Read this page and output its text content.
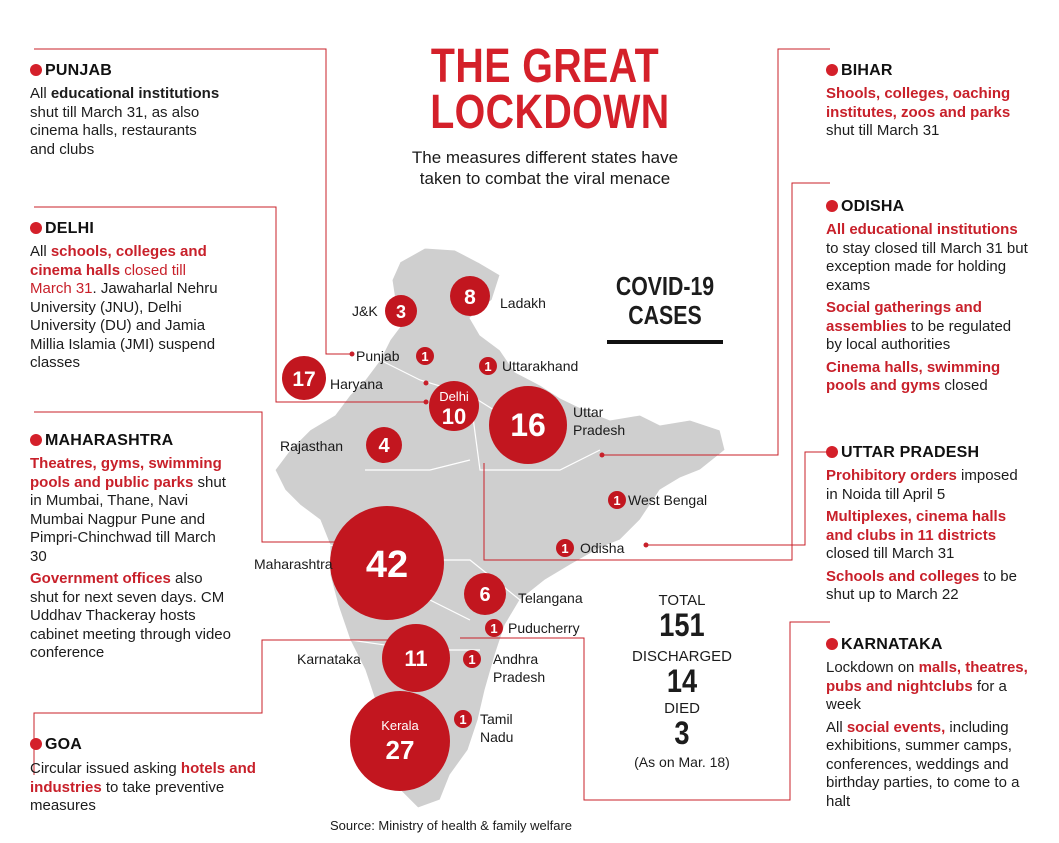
3
8
1
1
17
10 16
4
1
1
42
6
1
11	1
27
1
Delhi
Kerala
J&K	Ladakh
Punjab
Uttarakhand
Haryana
Uttar
Pradesh
Rajasthan
West Bengal
Odisha
Maharashtra
Telangana
Puducherry
Karnataka	Andhra
Pradesh
Tamil
Nadu
THE GREAT
LOCKDOWN
The measures different states have
taken to combat the viral menace
COVID-19
CASES
TOTAL
151
DISCHARGED
14
DIED
3
(As on Mar. 18)
PUNJAB

All educational institutions shut till March 31, as also cinema halls, restaurants and clubs

DELHI

All schools, colleges and cinema halls closed till March 31. Jawaharlal Nehru University (JNU), Delhi University (DU) and Jamia Millia Islamia (JMI) suspend classes

MAHARASHTRA

Theatres, gyms, swimming pools and public parks shut in Mumbai, Thane, Navi Mumbai Nagpur Pune and Pimpri-Chinchwad till March 30

Government offices also shut for next seven days. CM Uddhav Thackeray hosts cabinet meeting through video conference

GOA

Circular issued asking hotels and industries to take preventive measures

BIHAR

Shools, colleges, oaching institutes, zoos and parks shut till March 31

ODISHA

All educational institutions to stay closed till March 31 but exception made for holding exams

Social gatherings and assemblies to be regulated by local authorities

Cinema halls, swimming pools and gyms closed

UTTAR PRADESH

Prohibitory orders imposed in Noida till April 5

Multiplexes, cinema halls and clubs in 11 districts closed till March 31

Schools and colleges to be shut up to March 22

KARNATAKA

Lockdown on malls, theatres, pubs and nightclubs for a week

All social events, including exhibitions, summer camps, conferences, weddings and birthday parties, to come to a halt

Source: Ministry of health & family welfare
